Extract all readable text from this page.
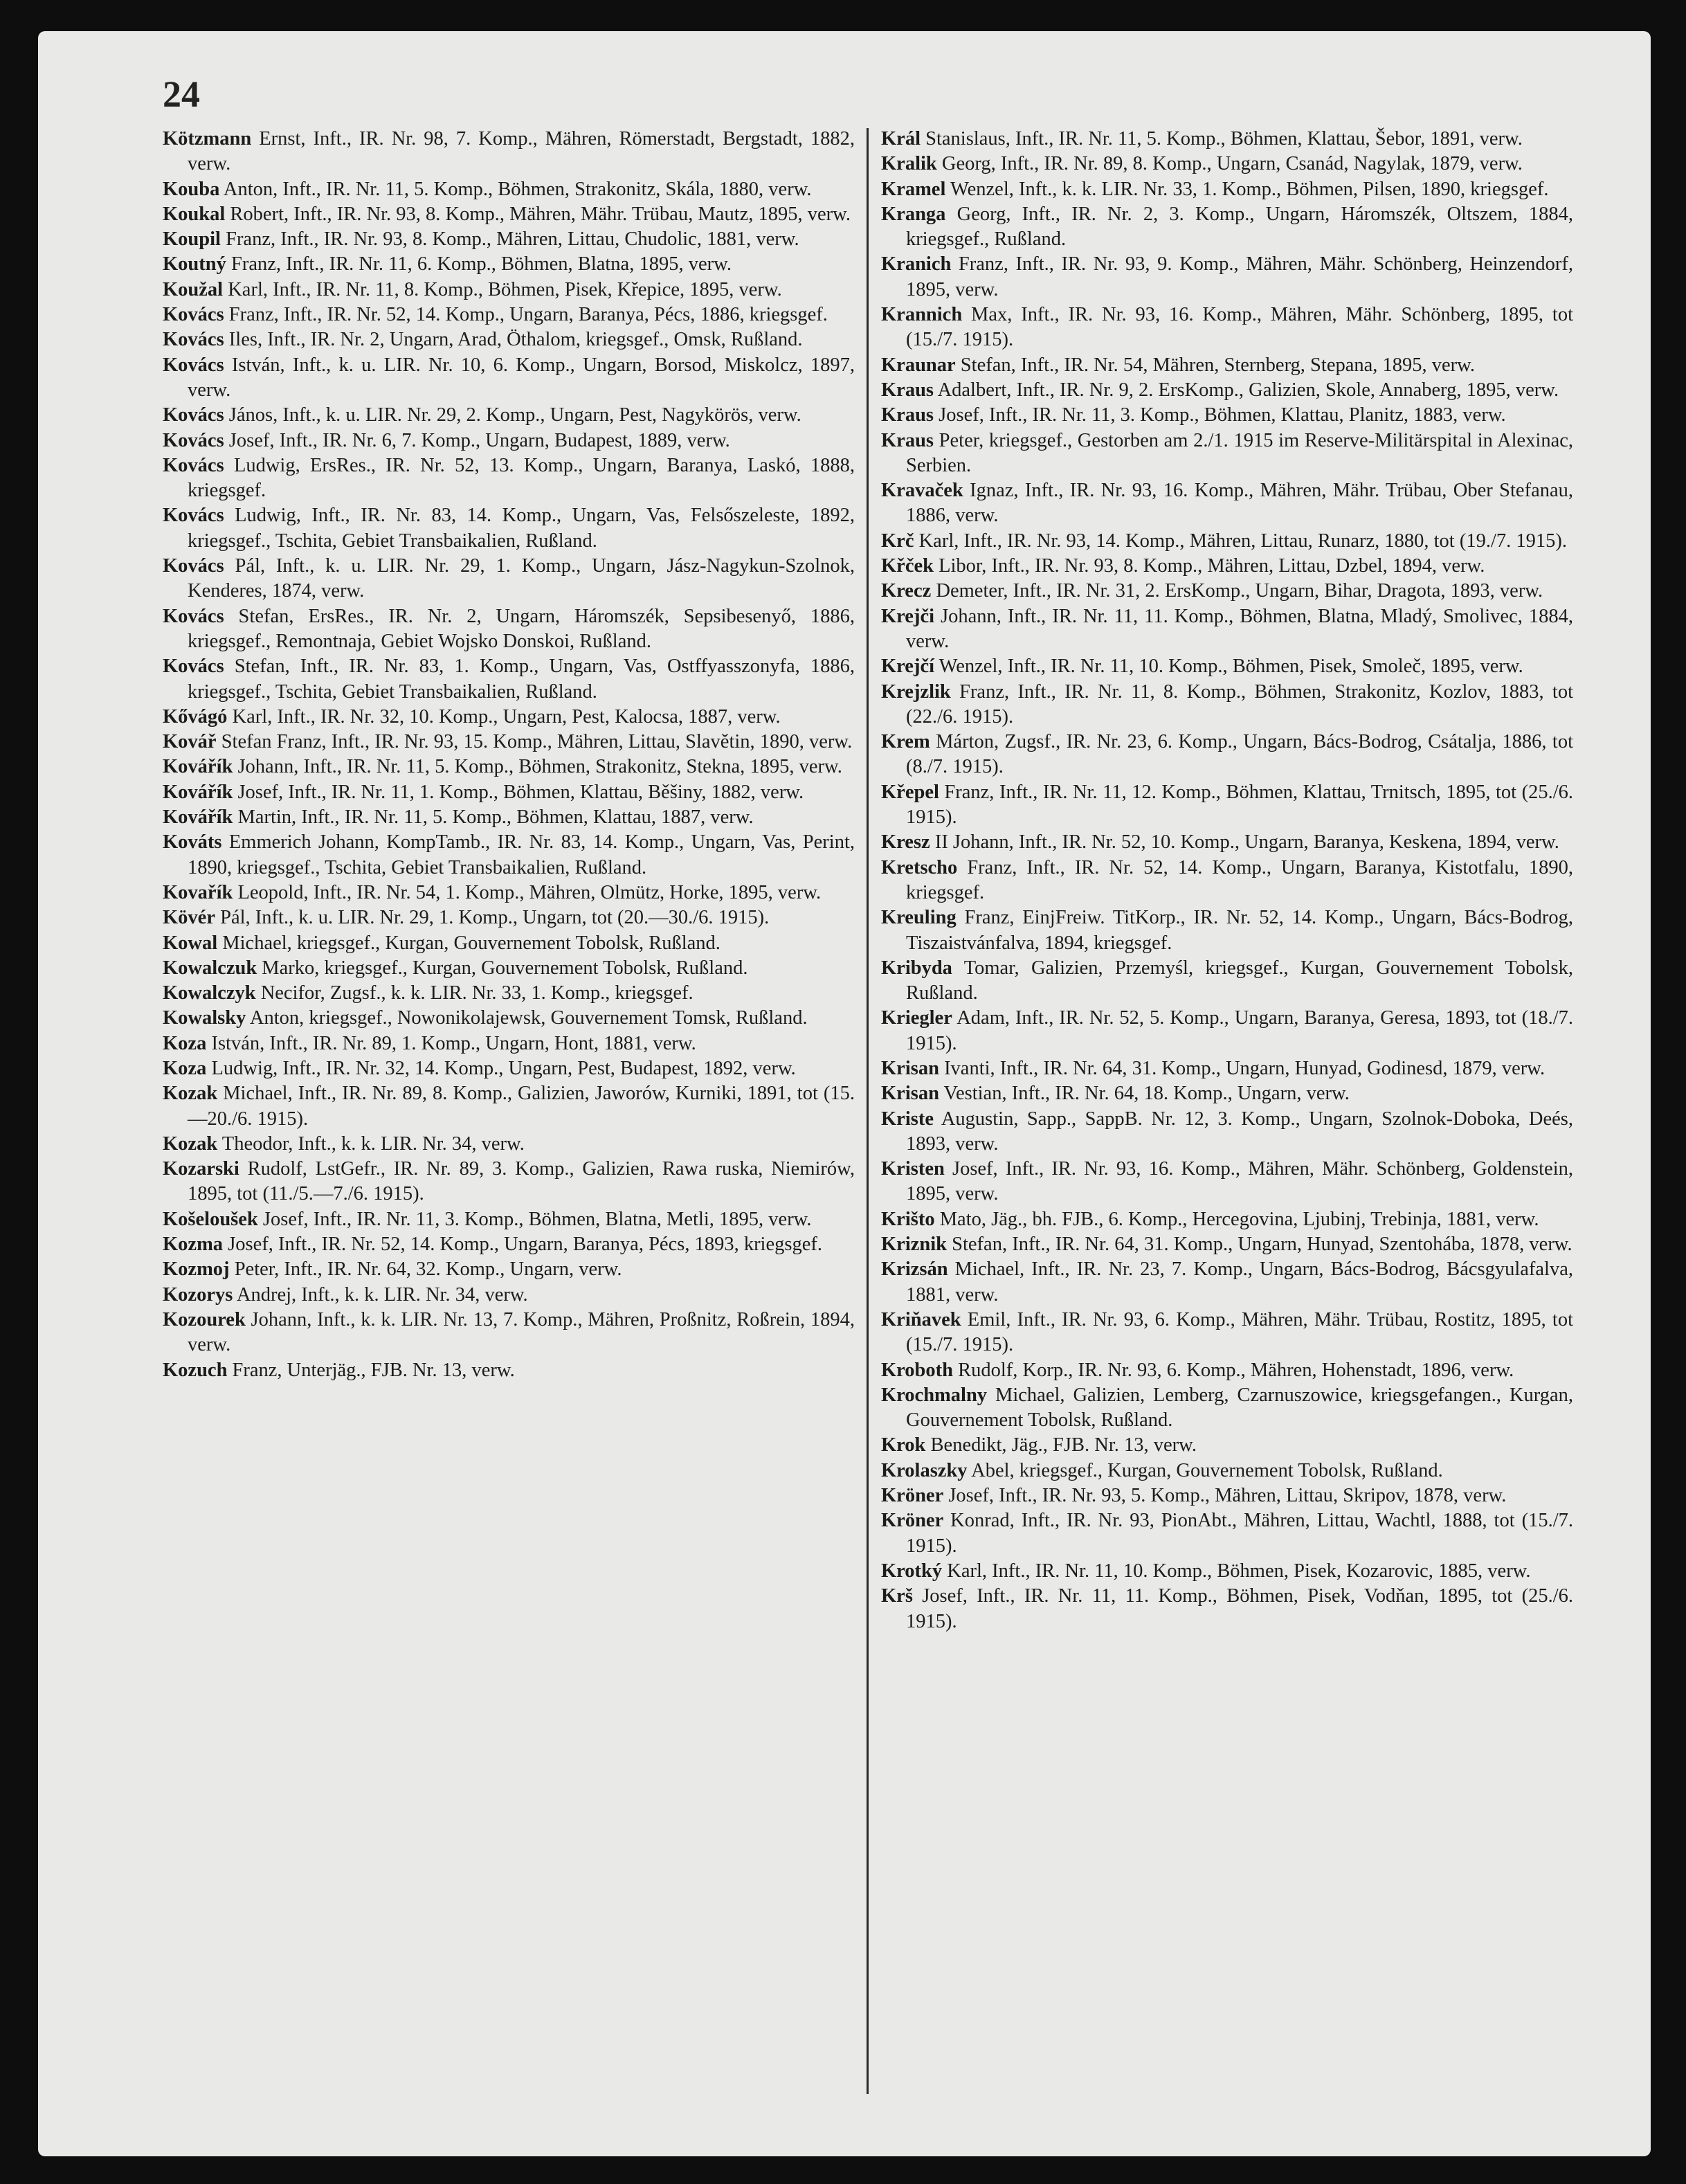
24
Kötzmann Ernst, Inft., IR. Nr. 98, 7. Komp., Mähren, Römerstadt, Bergstadt, 1882, verw.
Kouba Anton, Inft., IR. Nr. 11, 5. Komp., Böhmen, Strakonitz, Skála, 1880, verw.
Koukal Robert, Inft., IR. Nr. 93, 8. Komp., Mähren, Mähr. Trübau, Mautz, 1895, verw.
Koupil Franz, Inft., IR. Nr. 93, 8. Komp., Mähren, Littau, Chudolic, 1881, verw.
Koutný Franz, Inft., IR. Nr. 11, 6. Komp., Böhmen, Blatna, 1895, verw.
Koužal Karl, Inft., IR. Nr. 11, 8. Komp., Böhmen, Pisek, Křepice, 1895, verw.
Kovács Franz, Inft., IR. Nr. 52, 14. Komp., Ungarn, Baranya, Pécs, 1886, kriegsgef.
Kovács Iles, Inft., IR. Nr. 2, Ungarn, Arad, Öthalom, kriegsgef., Omsk, Rußland.
Kovács István, Inft., k. u. LIR. Nr. 10, 6. Komp., Ungarn, Borsod, Miskolcz, 1897, verw.
Kovács János, Inft., k. u. LIR. Nr. 29, 2. Komp., Ungarn, Pest, Nagykörös, verw.
Kovács Josef, Inft., IR. Nr. 6, 7. Komp., Ungarn, Budapest, 1889, verw.
Kovács Ludwig, ErsRes., IR. Nr. 52, 13. Komp., Ungarn, Baranya, Laskó, 1888, kriegsgef.
Kovács Ludwig, Inft., IR. Nr. 83, 14. Komp., Ungarn, Vas, Felsőszeleste, 1892, kriegsgef., Tschita, Gebiet Transbaikalien, Rußland.
Kovács Pál, Inft., k. u. LIR. Nr. 29, 1. Komp., Ungarn, Jász-Nagykun-Szolnok, Kenderes, 1874, verw.
Kovács Stefan, ErsRes., IR. Nr. 2, Ungarn, Háromszék, Sepsibesenyő, 1886, kriegsgef., Remontnaja, Gebiet Wojsko Donskoi, Rußland.
Kovács Stefan, Inft., IR. Nr. 83, 1. Komp., Ungarn, Vas, Ostffyasszonyfa, 1886, kriegsgef., Tschita, Gebiet Transbaikalien, Rußland.
Kővágó Karl, Inft., IR. Nr. 32, 10. Komp., Ungarn, Pest, Kalocsa, 1887, verw.
Kovář Stefan Franz, Inft., IR. Nr. 93, 15. Komp., Mähren, Littau, Slavětin, 1890, verw.
Kovářík Johann, Inft., IR. Nr. 11, 5. Komp., Böhmen, Strakonitz, Stekna, 1895, verw.
Kovářík Josef, Inft., IR. Nr. 11, 1. Komp., Böhmen, Klattau, Běšiny, 1882, verw.
Kovářík Martin, Inft., IR. Nr. 11, 5. Komp., Böhmen, Klattau, 1887, verw.
Kováts Emmerich Johann, KompTamb., IR. Nr. 83, 14. Komp., Ungarn, Vas, Perint, 1890, kriegsgef., Tschita, Gebiet Transbaikalien, Rußland.
Kovařík Leopold, Inft., IR. Nr. 54, 1. Komp., Mähren, Olmütz, Horke, 1895, verw.
Kövér Pál, Inft., k. u. LIR. Nr. 29, 1. Komp., Ungarn, tot (20.—30./6. 1915).
Kowal Michael, kriegsgef., Kurgan, Gouvernement Tobolsk, Rußland.
Kowalczuk Marko, kriegsgef., Kurgan, Gouvernement Tobolsk, Rußland.
Kowalczyk Necifor, Zugsf., k. k. LIR. Nr. 33, 1. Komp., kriegsgef.
Kowalsky Anton, kriegsgef., Nowonikolajewsk, Gouvernement Tomsk, Rußland.
Koza István, Inft., IR. Nr. 89, 1. Komp., Ungarn, Hont, 1881, verw.
Koza Ludwig, Inft., IR. Nr. 32, 14. Komp., Ungarn, Pest, Budapest, 1892, verw.
Kozak Michael, Inft., IR. Nr. 89, 8. Komp., Galizien, Jaworów, Kurniki, 1891, tot (15.—20./6. 1915).
Kozak Theodor, Inft., k. k. LIR. Nr. 34, verw.
Kozarski Rudolf, LstGefr., IR. Nr. 89, 3. Komp., Galizien, Rawa ruska, Niemirów, 1895, tot (11./5.—7./6. 1915).
Košeloušek Josef, Inft., IR. Nr. 11, 3. Komp., Böhmen, Blatna, Metli, 1895, verw.
Kozma Josef, Inft., IR. Nr. 52, 14. Komp., Ungarn, Baranya, Pécs, 1893, kriegsgef.
Kozmoj Peter, Inft., IR. Nr. 64, 32. Komp., Ungarn, verw.
Kozorys Andrej, Inft., k. k. LIR. Nr. 34, verw.
Kozourek Johann, Inft., k. k. LIR. Nr. 13, 7. Komp., Mähren, Proßnitz, Roßrein, 1894, verw.
Kozuch Franz, Unterjäg., FJB. Nr. 13, verw.
Král Stanislaus, Inft., IR. Nr. 11, 5. Komp., Böhmen, Klattau, Šebor, 1891, verw.
Kralik Georg, Inft., IR. Nr. 89, 8. Komp., Ungarn, Csanád, Nagylak, 1879, verw.
Kramel Wenzel, Inft., k. k. LIR. Nr. 33, 1. Komp., Böhmen, Pilsen, 1890, kriegsgef.
Kranga Georg, Inft., IR. Nr. 2, 3. Komp., Ungarn, Háromszék, Oltszem, 1884, kriegsgef., Rußland.
Kranich Franz, Inft., IR. Nr. 93, 9. Komp., Mähren, Mähr. Schönberg, Heinzendorf, 1895, verw.
Krannich Max, Inft., IR. Nr. 93, 16. Komp., Mähren, Mähr. Schönberg, 1895, tot (15./7. 1915).
Kraunar Stefan, Inft., IR. Nr. 54, Mähren, Sternberg, Stepana, 1895, verw.
Kraus Adalbert, Inft., IR. Nr. 9, 2. ErsKomp., Galizien, Skole, Annaberg, 1895, verw.
Kraus Josef, Inft., IR. Nr. 11, 3. Komp., Böhmen, Klattau, Planitz, 1883, verw.
Kraus Peter, kriegsgef., Gestorben am 2./1. 1915 im Reserve-Militärspital in Alexinac, Serbien.
Kravaček Ignaz, Inft., IR. Nr. 93, 16. Komp., Mähren, Mähr. Trübau, Ober Stefanau, 1886, verw.
Krč Karl, Inft., IR. Nr. 93, 14. Komp., Mähren, Littau, Runarz, 1880, tot (19./7. 1915).
Křček Libor, Inft., IR. Nr. 93, 8. Komp., Mähren, Littau, Dzbel, 1894, verw.
Krecz Demeter, Inft., IR. Nr. 31, 2. ErsKomp., Ungarn, Bihar, Dragota, 1893, verw.
Krejči Johann, Inft., IR. Nr. 11, 11. Komp., Böhmen, Blatna, Mladý, Smolivec, 1884, verw.
Krejčí Wenzel, Inft., IR. Nr. 11, 10. Komp., Böhmen, Pisek, Smoleč, 1895, verw.
Krejzlik Franz, Inft., IR. Nr. 11, 8. Komp., Böhmen, Strakonitz, Kozlov, 1883, tot (22./6. 1915).
Krem Márton, Zugsf., IR. Nr. 23, 6. Komp., Ungarn, Bács-Bodrog, Csátalja, 1886, tot (8./7. 1915).
Křepel Franz, Inft., IR. Nr. 11, 12. Komp., Böhmen, Klattau, Trnitsch, 1895, tot (25./6. 1915).
Kresz II Johann, Inft., IR. Nr. 52, 10. Komp., Ungarn, Baranya, Keskena, 1894, verw.
Kretscho Franz, Inft., IR. Nr. 52, 14. Komp., Ungarn, Baranya, Kistotfalu, 1890, kriegsgef.
Kreuling Franz, EinjFreiw. TitKorp., IR. Nr. 52, 14. Komp., Ungarn, Bács-Bodrog, Tiszaistvánfalva, 1894, kriegsgef.
Kribyda Tomar, Galizien, Przemyśl, kriegsgef., Kurgan, Gouvernement Tobolsk, Rußland.
Kriegler Adam, Inft., IR. Nr. 52, 5. Komp., Ungarn, Baranya, Geresa, 1893, tot (18./7. 1915).
Krisan Ivanti, Inft., IR. Nr. 64, 31. Komp., Ungarn, Hunyad, Godinesd, 1879, verw.
Krisan Vestian, Inft., IR. Nr. 64, 18. Komp., Ungarn, verw.
Kriste Augustin, Sapp., SappB. Nr. 12, 3. Komp., Ungarn, Szolnok-Doboka, Deés, 1893, verw.
Kristen Josef, Inft., IR. Nr. 93, 16. Komp., Mähren, Mähr. Schönberg, Goldenstein, 1895, verw.
Krišto Mato, Jäg., bh. FJB., 6. Komp., Hercegovina, Ljubinj, Trebinja, 1881, verw.
Kriznik Stefan, Inft., IR. Nr. 64, 31. Komp., Ungarn, Hunyad, Szentohába, 1878, verw.
Krizsán Michael, Inft., IR. Nr. 23, 7. Komp., Ungarn, Bács-Bodrog, Bácsgyulafalva, 1881, verw.
Kriňavek Emil, Inft., IR. Nr. 93, 6. Komp., Mähren, Mähr. Trübau, Rostitz, 1895, tot (15./7. 1915).
Kroboth Rudolf, Korp., IR. Nr. 93, 6. Komp., Mähren, Hohenstadt, 1896, verw.
Krochmalny Michael, Galizien, Lemberg, Czarnuszowice, kriegsgefangen., Kurgan, Gouvernement Tobolsk, Rußland.
Krok Benedikt, Jäg., FJB. Nr. 13, verw.
Krolaszky Abel, kriegsgef., Kurgan, Gouvernement Tobolsk, Rußland.
Kröner Josef, Inft., IR. Nr. 93, 5. Komp., Mähren, Littau, Skripov, 1878, verw.
Kröner Konrad, Inft., IR. Nr. 93, PionAbt., Mähren, Littau, Wachtl, 1888, tot (15./7. 1915).
Krotký Karl, Inft., IR. Nr. 11, 10. Komp., Böhmen, Pisek, Kozarovic, 1885, verw.
Krš Josef, Inft., IR. Nr. 11, 11. Komp., Böhmen, Pisek, Vodňan, 1895, tot (25./6. 1915).
